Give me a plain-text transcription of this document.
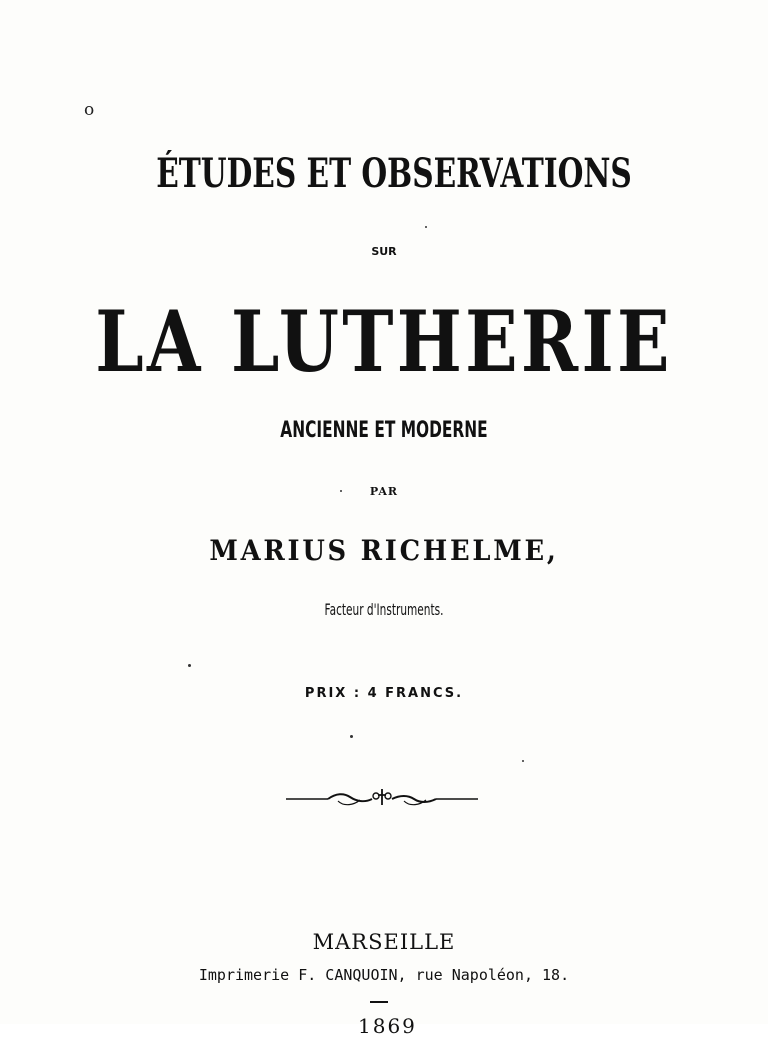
o
ÉTUDES ET OBSERVATIONS
SUR
LA LUTHERIE
ANCIENNE ET MODERNE
PAR
MARIUS RICHELME,
Facteur d'Instruments.
PRIX : 4 FRANCS.
MARSEILLE
Imprimerie F. CANQUOIN, rue Napoléon, 18.
1869
